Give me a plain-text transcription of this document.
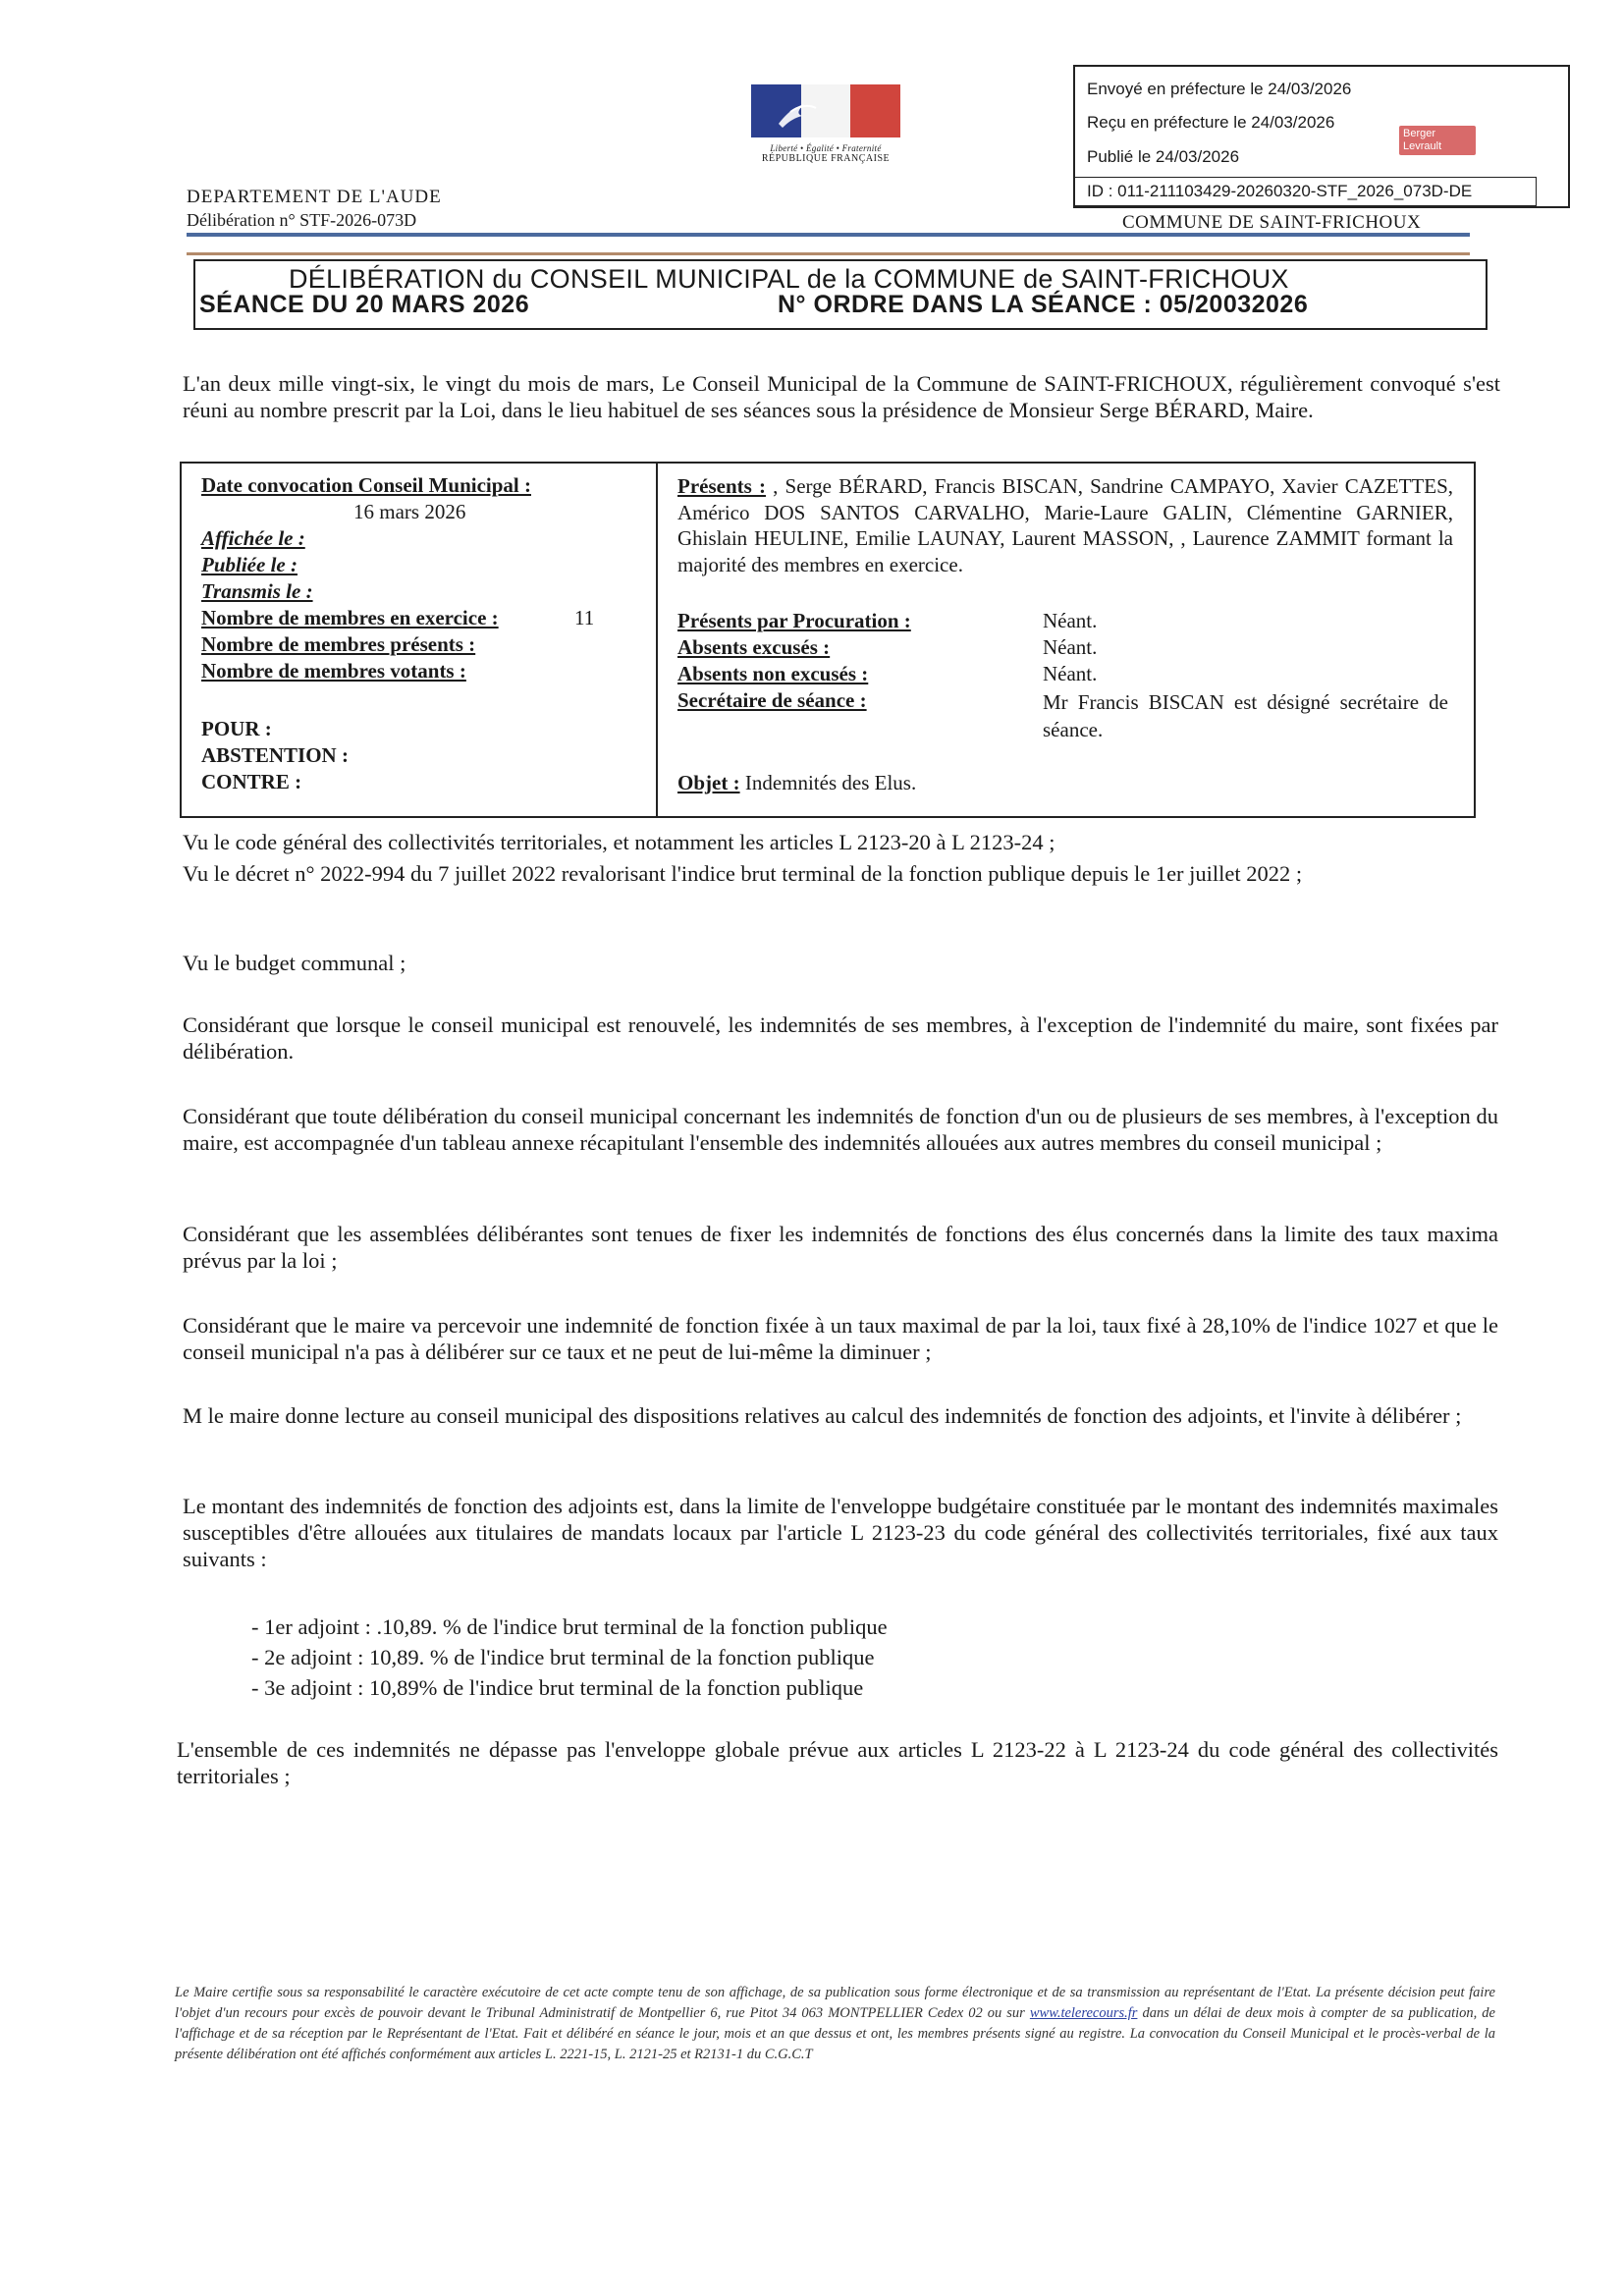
Liberté • Égalité • Fraternité
RÉPUBLIQUE FRANÇAISE
Envoyé en préfecture le 24/03/2026
Reçu en préfecture le 24/03/2026
Publié le 24/03/2026
Berger Levrault
ID : 011-211103429-20260320-STF_2026_073D-DE
DEPARTEMENT DE L'AUDE
Délibération n° STF-2026-073D	COMMUNE DE SAINT-FRICHOUX
DÉLIBÉRATION du CONSEIL MUNICIPAL de la COMMUNE de SAINT-FRICHOUX
SÉANCE DU 20 MARS 2026	N° ORDRE DANS LA SÉANCE : 05/20032026
L'an deux mille vingt-six, le vingt du mois de mars, Le Conseil Municipal de la Commune de SAINT-FRICHOUX, régulièrement convoqué s'est réuni au nombre prescrit par la Loi, dans le lieu habituel de ses séances sous la présidence de Monsieur Serge BÉRARD, Maire.
Date convocation Conseil Municipal :
16 mars 2026
Affichée le :
Publiée le :
Transmis le :
Nombre de membres en exercice :	11
Nombre de membres présents :
Nombre de membres votants :
POUR :
ABSTENTION :
CONTRE :
Présents : , Serge BÉRARD, Francis BISCAN, Sandrine CAMPAYO, Xavier CAZETTES, Américo DOS SANTOS CARVALHO, Marie-Laure GALIN, Clémentine GARNIER, Ghislain HEULINE, Emilie LAUNAY, Laurent MASSON, , Laurence ZAMMIT formant la majorité des membres en exercice.
Présents par Procuration :	Néant.
Absents excusés :	Néant.
Absents non excusés :	Néant.
Secrétaire de séance :	Mr Francis BISCAN est désigné secrétaire de séance.
Objet : Indemnités des Elus.
Vu le code général des collectivités territoriales, et notamment les articles L 2123-20 à L 2123-24 ;
Vu le décret n° 2022-994 du 7 juillet 2022 revalorisant l'indice brut terminal de la fonction publique depuis le 1er juillet 2022 ;
Vu le budget communal ;
Considérant que lorsque le conseil municipal est renouvelé, les indemnités de ses membres, à l'exception de l'indemnité du maire, sont fixées par délibération.
Considérant que toute délibération du conseil municipal concernant les indemnités de fonction d'un ou de plusieurs de ses membres, à l'exception du maire, est accompagnée d'un tableau annexe récapitulant l'ensemble des indemnités allouées aux autres membres du conseil municipal ;
Considérant que les assemblées délibérantes sont tenues de fixer les indemnités de fonctions des élus concernés dans la limite des taux maxima prévus par la loi ;
Considérant que le maire va percevoir une indemnité de fonction fixée à un taux maximal de par la loi, taux fixé à 28,10% de l'indice 1027 et que le conseil municipal n'a pas à délibérer sur ce taux et ne peut de lui-même la diminuer ;
M le maire donne lecture au conseil municipal des dispositions relatives au calcul des indemnités de fonction des adjoints, et l'invite à délibérer ;
Le montant des indemnités de fonction des adjoints est, dans la limite de l'enveloppe budgétaire constituée par le montant des indemnités maximales susceptibles d'être allouées aux titulaires de mandats locaux par l'article L 2123-23 du code général des collectivités territoriales, fixé aux taux suivants :
- 1er adjoint : .10,89. % de l'indice brut terminal de la fonction publique
- 2e adjoint : 10,89. % de l'indice brut terminal de la fonction publique
- 3e adjoint : 10,89% de l'indice brut terminal de la fonction publique
L'ensemble de ces indemnités ne dépasse pas l'enveloppe globale prévue aux articles L 2123-22 à L 2123-24 du code général des collectivités territoriales ;
Le Maire certifie sous sa responsabilité le caractère exécutoire de cet acte compte tenu de son affichage, de sa publication sous forme électronique et de sa transmission au représentant de l'Etat. La présente décision peut faire l'objet d'un recours pour excès de pouvoir devant le Tribunal Administratif de Montpellier 6, rue Pitot 34 063 MONTPELLIER Cedex 02 ou sur www.telerecours.fr dans un délai de deux mois à compter de sa publication, de l'affichage et de sa réception par le Représentant de l'Etat. Fait et délibéré en séance le jour, mois et an que dessus et ont, les membres présents signé au registre. La convocation du Conseil Municipal et le procès-verbal de la présente délibération ont été affichés conformément aux articles L. 2221-15, L. 2121-25 et R2131-1 du C.G.C.T
